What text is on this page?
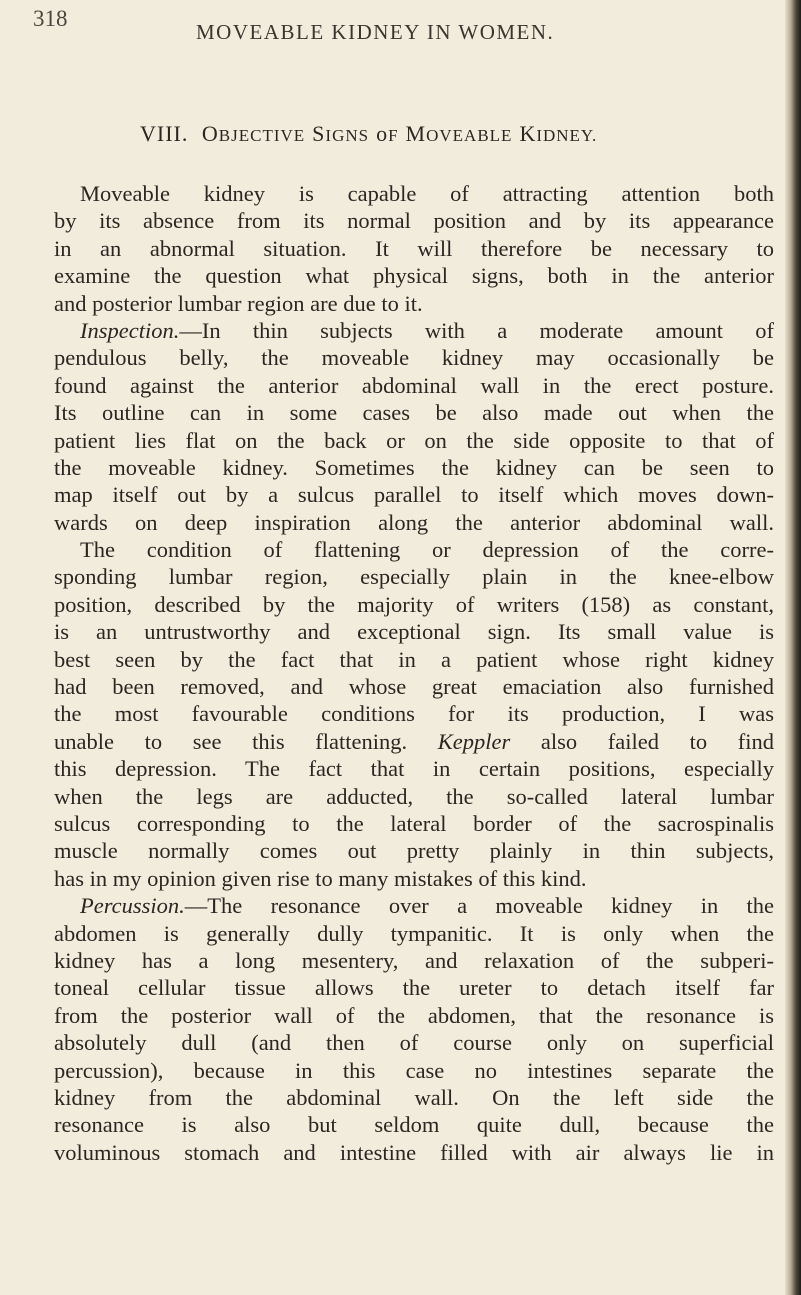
318
MOVEABLE KIDNEY IN WOMEN.
VIII. OBJECTIVE SIGNS oF MOVEABLE KIDNEY.
Moveable kidney is capable of attracting attention both
by its absence from its normal position and by its appearance
in an abnormal situation. It will therefore be necessary to
examine the question what physical signs, both in the anterior
and posterior lumbar region are due to it.
Inspection.—In thin subjects with a moderate amount of
pendulous belly, the moveable kidney may occasionally be
found against the anterior abdominal wall in the erect posture.
Its outline can in some cases be also made out when the
patient lies flat on the back or on the side opposite to that of
the moveable kidney. Sometimes the kidney can be seen to
map itself out by a sulcus parallel to itself which moves down-
wards on deep inspiration along the anterior abdominal wall.
The condition of flattening or depression of the corre-
sponding lumbar region, especially plain in the knee-elbow
position, described by the majority of writers (158) as constant,
is an untrustworthy and exceptional sign. Its small value is
best seen by the fact that in a patient whose right kidney
had been removed, and whose great emaciation also furnished
the most favourable conditions for its production, I was
unable to see this flattening. Keppler also failed to find
this depression. The fact that in certain positions, especially
when the legs are adducted, the so-called lateral lumbar
sulcus corresponding to the lateral border of the sacrospinalis
muscle normally comes out pretty plainly in thin subjects,
has in my opinion given rise to many mistakes of this kind.
Percussion.—The resonance over a moveable kidney in the
abdomen is generally dully tympanitic. It is only when the
kidney has a long mesentery, and relaxation of the subperi-
toneal cellular tissue allows the ureter to detach itself far
from the posterior wall of the abdomen, that the resonance is
absolutely dull (and then of course only on superficial
percussion), because in this case no intestines separate the
kidney from the abdominal wall. On the left side the
resonance is also but seldom quite dull, because the
voluminous stomach and intestine filled with air always lie in
